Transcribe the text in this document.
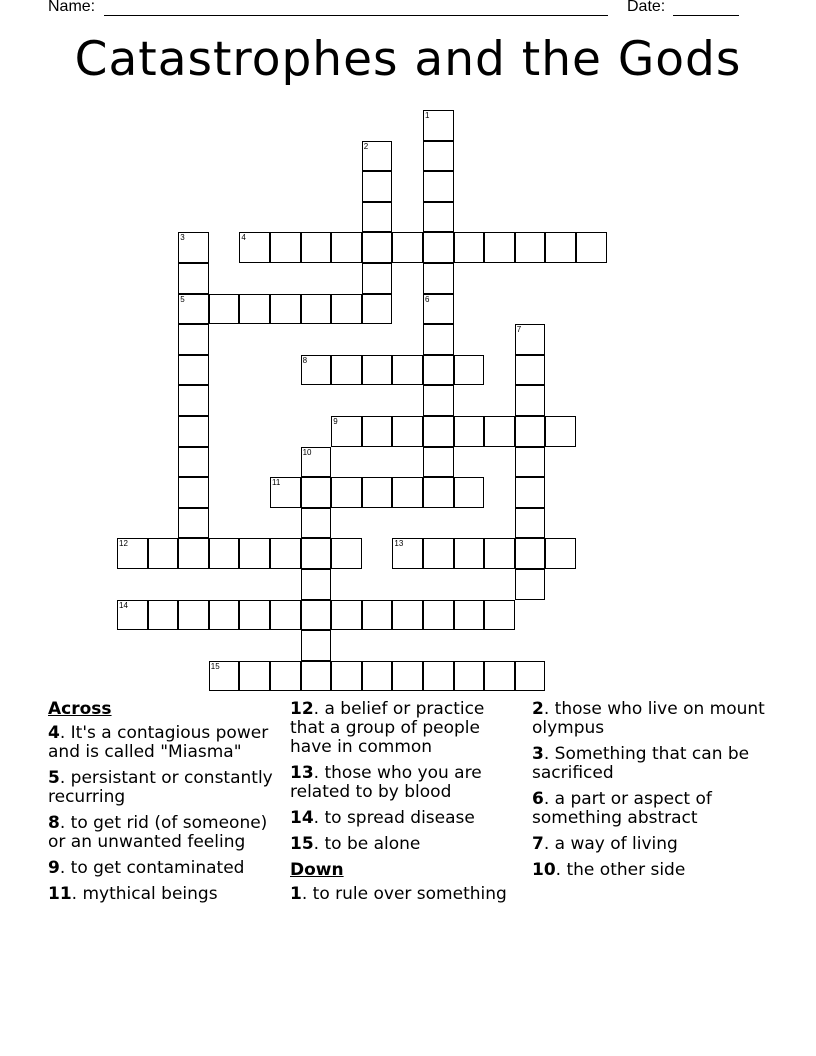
Name:	Date:
Catastrophes and the Gods
1
2
3	4
5	6
7
8
9
10
11
12	13
14
15
Across
4. It's a contagious power and is called "Miasma"
5. persistant or constantly recurring
8. to get rid (of someone) or an unwanted feeling
9. to get contaminated
11. mythical beings
12. a belief or practice that a group of people have in common
13. those who you are related to by blood
14. to spread disease
15. to be alone
Down
1. to rule over something
2. those who live on mount olympus
3. Something that can be sacrificed
6. a part or aspect of something abstract
7. a way of living
10. the other side
